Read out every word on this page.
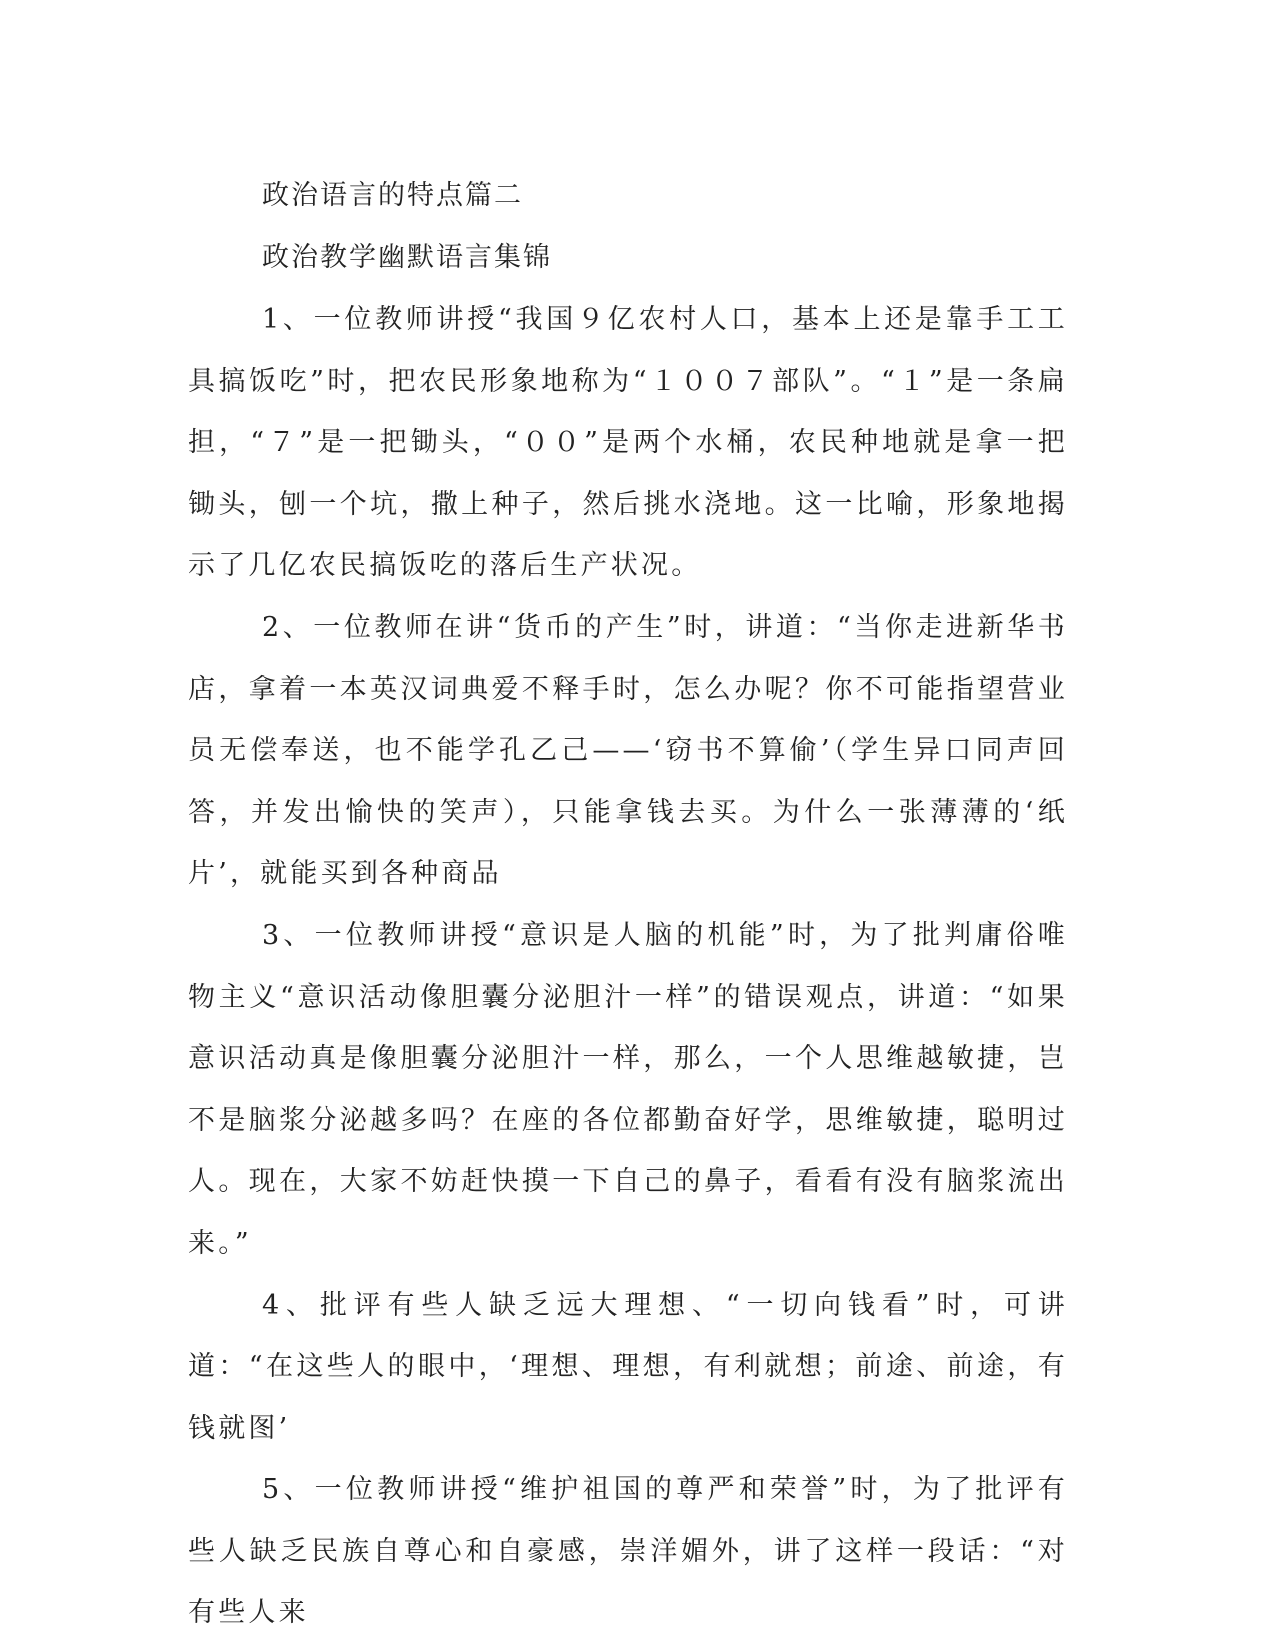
政治语言的特点篇二
政治教学幽默语言集锦

1、一位教师讲授“我国９亿农村人口，基本上还是靠手工工具搞饭吃”时，把农民形象地称为“１００７部队”。“１”是一条扁担，“７”是一把锄头，“００”是两个水桶，农民种地就是拿一把锄头，刨一个坑，撒上种子，然后挑水浇地。这一比喻，形象地揭示了几亿农民搞饭吃的落后生产状况。

2、一位教师在讲“货币的产生”时，讲道：“当你走进新华书店，拿着一本英汉词典爱不释手时，怎么办呢？你不可能指望营业员无偿奉送，也不能学孔乙己——‘窃书不算偷’（学生异口同声回答，并发出愉快的笑声），只能拿钱去买。为什么一张薄薄的‘纸片’，就能买到各种商品

3、一位教师讲授“意识是人脑的机能”时，为了批判庸俗唯物主义“意识活动像胆囊分泌胆汁一样”的错误观点，讲道：“如果意识活动真是像胆囊分泌胆汁一样，那么，一个人思维越敏捷，岂不是脑浆分泌越多吗？在座的各位都勤奋好学，思维敏捷，聪明过人。现在，大家不妨赶快摸一下自己的鼻子，看看有没有脑浆流出来。”

4、批评有些人缺乏远大理想、“一切向钱看”时，可讲道：“在这些人的眼中，‘理想、理想，有利就想；前途、前途，有钱就图’

5、一位教师讲授“维护祖国的尊严和荣誉”时，为了批评有些人缺乏民族自尊心和自豪感，崇洋媚外，讲了这样一段话：“对有些人来
